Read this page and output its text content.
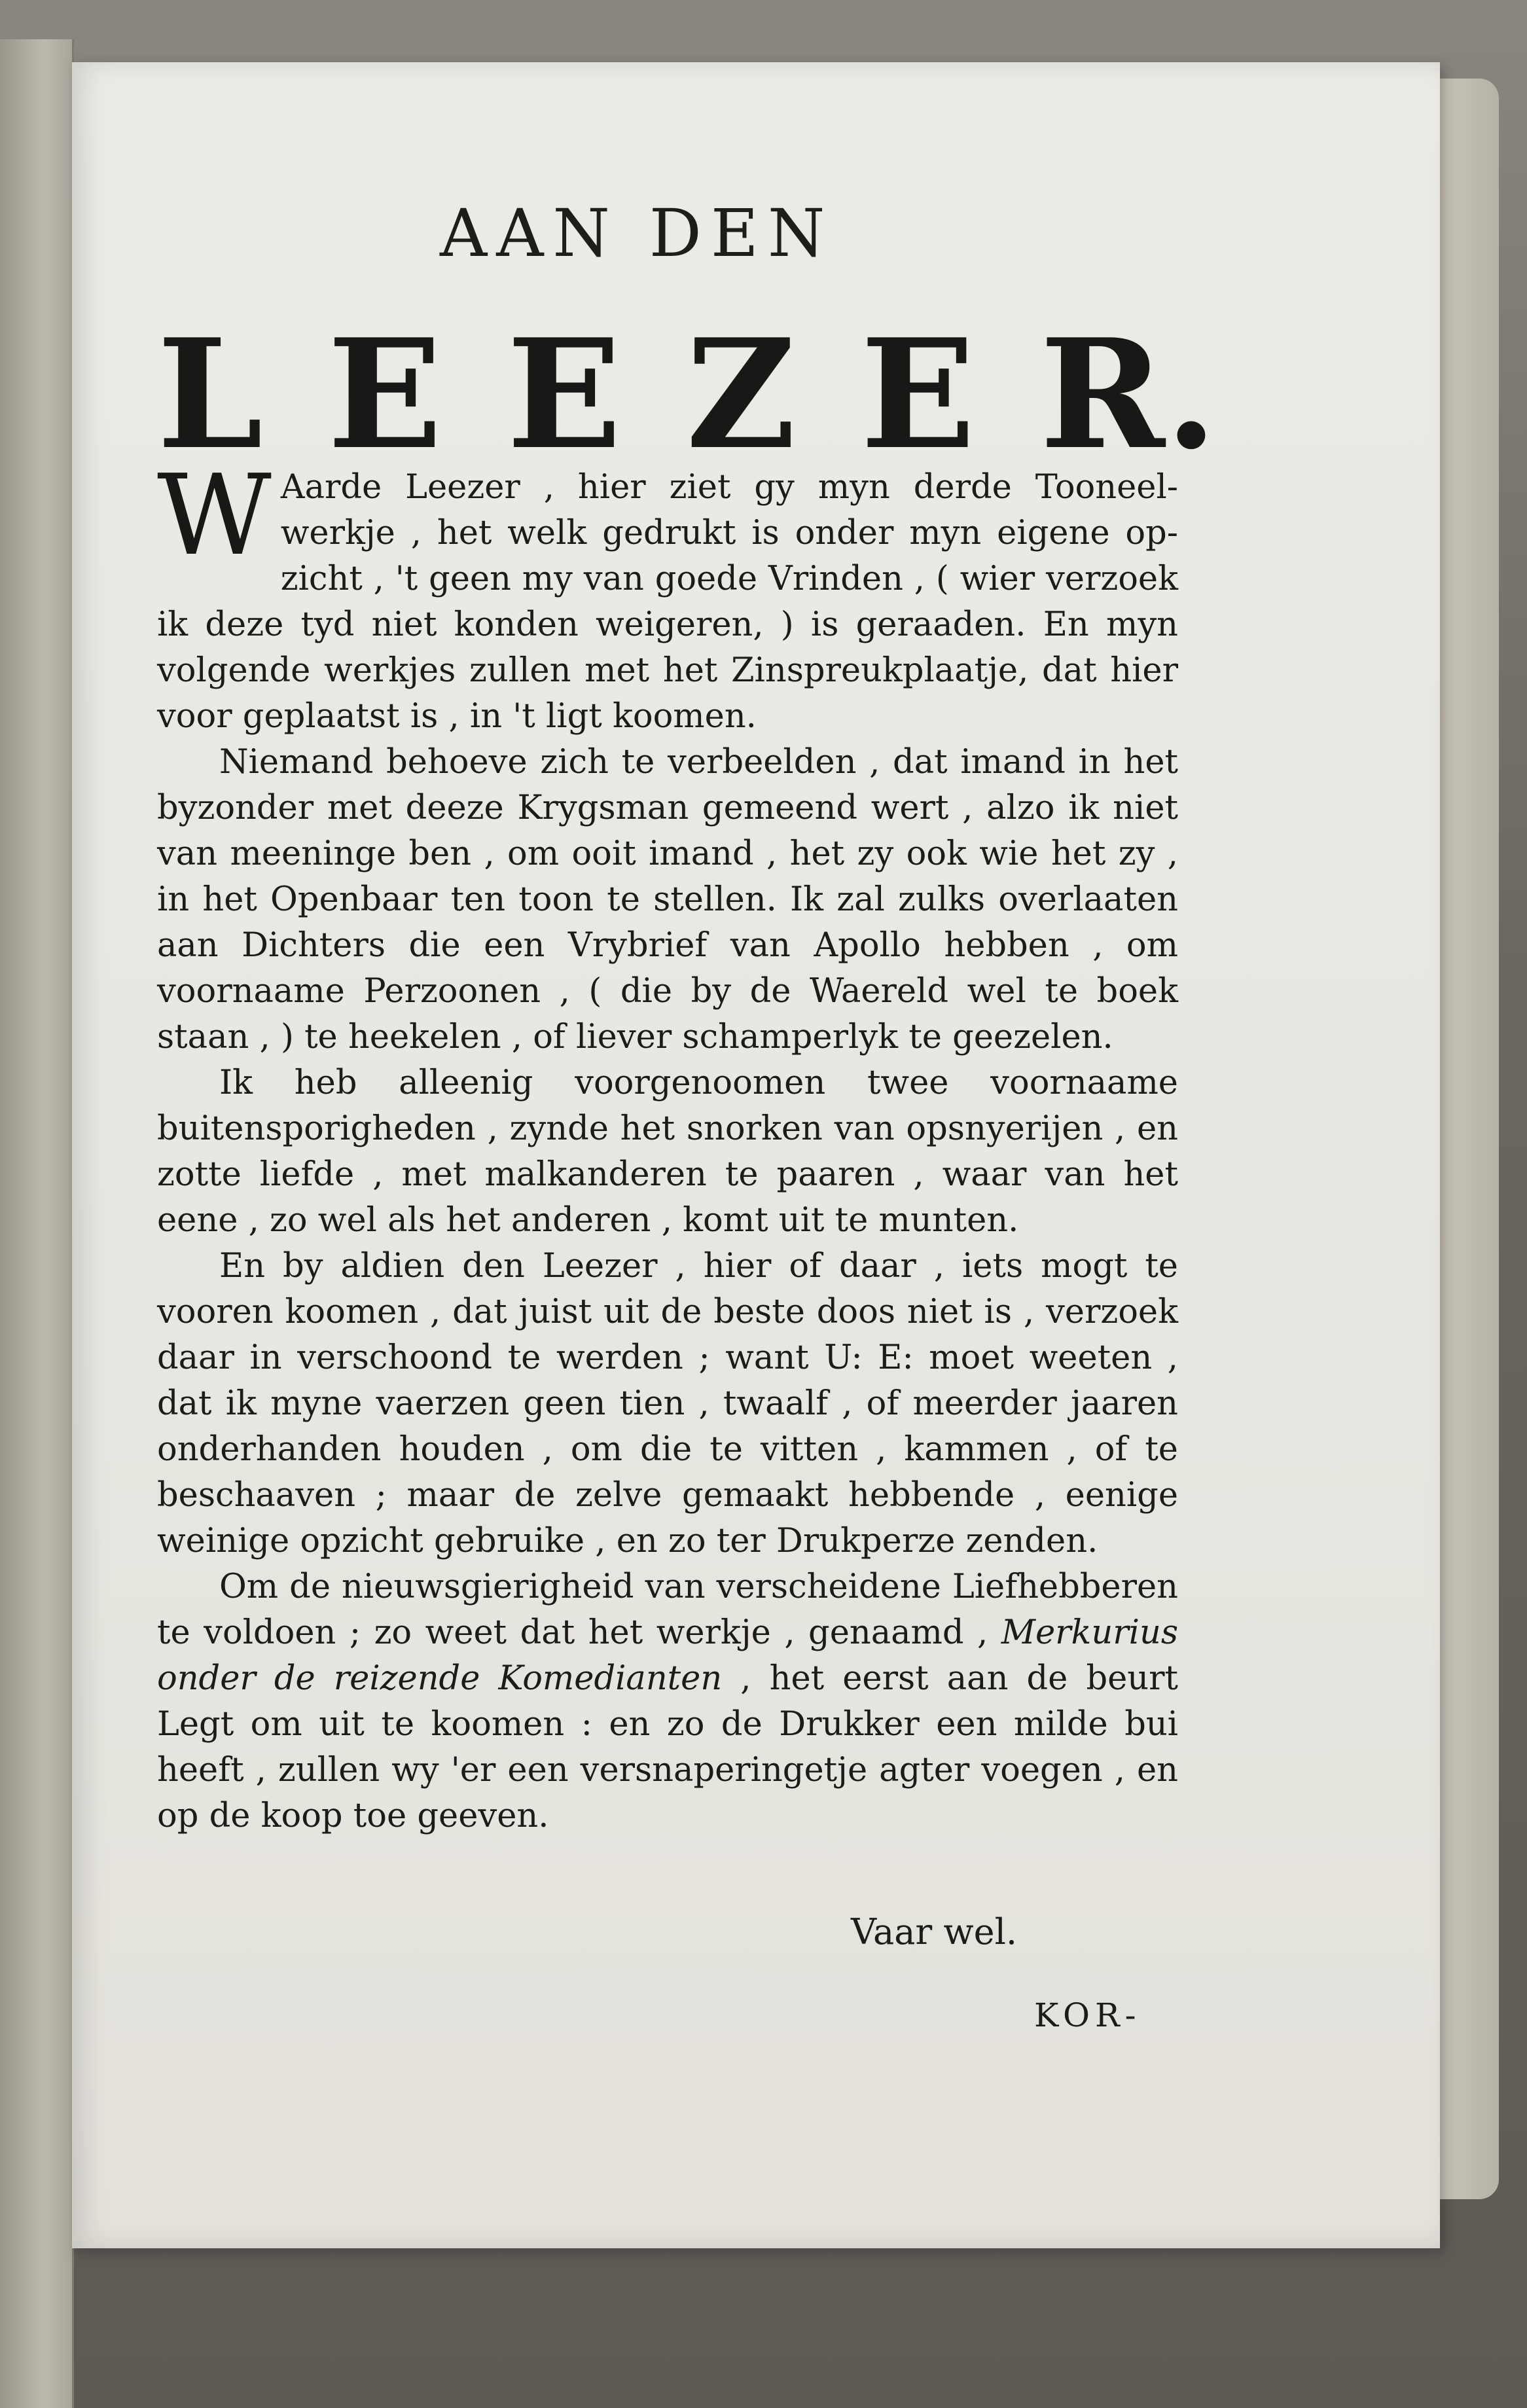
AAN DEN
L E E Z E R.

W Aarde Leezer , hier ziet gy myn derde Tooneel-werkje , het welk gedrukt is onder myn eigene op-zicht , 't geen my van goede Vrinden , ( wier verzoek ik deze tyd niet konden weigeren, ) is geraaden. En myn volgende werkjes zullen met het Zinspreukplaatje, dat hier voor geplaatst is , in 't ligt koomen.

Niemand behoeve zich te verbeelden , dat imand in het byzonder met deeze Krygsman gemeend wert , alzo ik niet van meeninge ben , om ooit imand , het zy ook wie het zy , in het Openbaar ten toon te stellen. Ik zal zulks overlaaten aan Dichters die een Vrybrief van Apollo hebben , om voornaame Perzoonen , ( die by de Waereld wel te boek staan , ) te heekelen , of liever schamperlyk te geezelen.

Ik heb alleenig voorgenoomen twee voornaame buitensporigheden , zynde het snorken van opsnyerijen , en zotte liefde , met malkanderen te paaren , waar van het eene , zo wel als het anderen , komt uit te munten.

En by aldien den Leezer , hier of daar , iets mogt te vooren koomen , dat juist uit de beste doos niet is , verzoek daar in verschoond te werden ; want U: E: moet weeten , dat ik myne vaerzen geen tien , twaalf , of meerder jaaren onderhanden houden , om die te vitten , kammen , of te beschaaven ; maar de zelve gemaakt hebbende , eenige weinige opzicht gebruike , en zo ter Drukperze zenden.

Om de nieuwsgierigheid van verscheidene Liefhebberen te voldoen ; zo weet dat het werkje , genaamd , Merkurius onder de reizende Komedianten , het eerst aan de beurt Legt om uit te koomen : en zo de Drukker een milde bui heeft , zullen wy 'er een versnaperingetje agter voegen , en op de koop toe geeven.

Vaar wel.
KOR-
